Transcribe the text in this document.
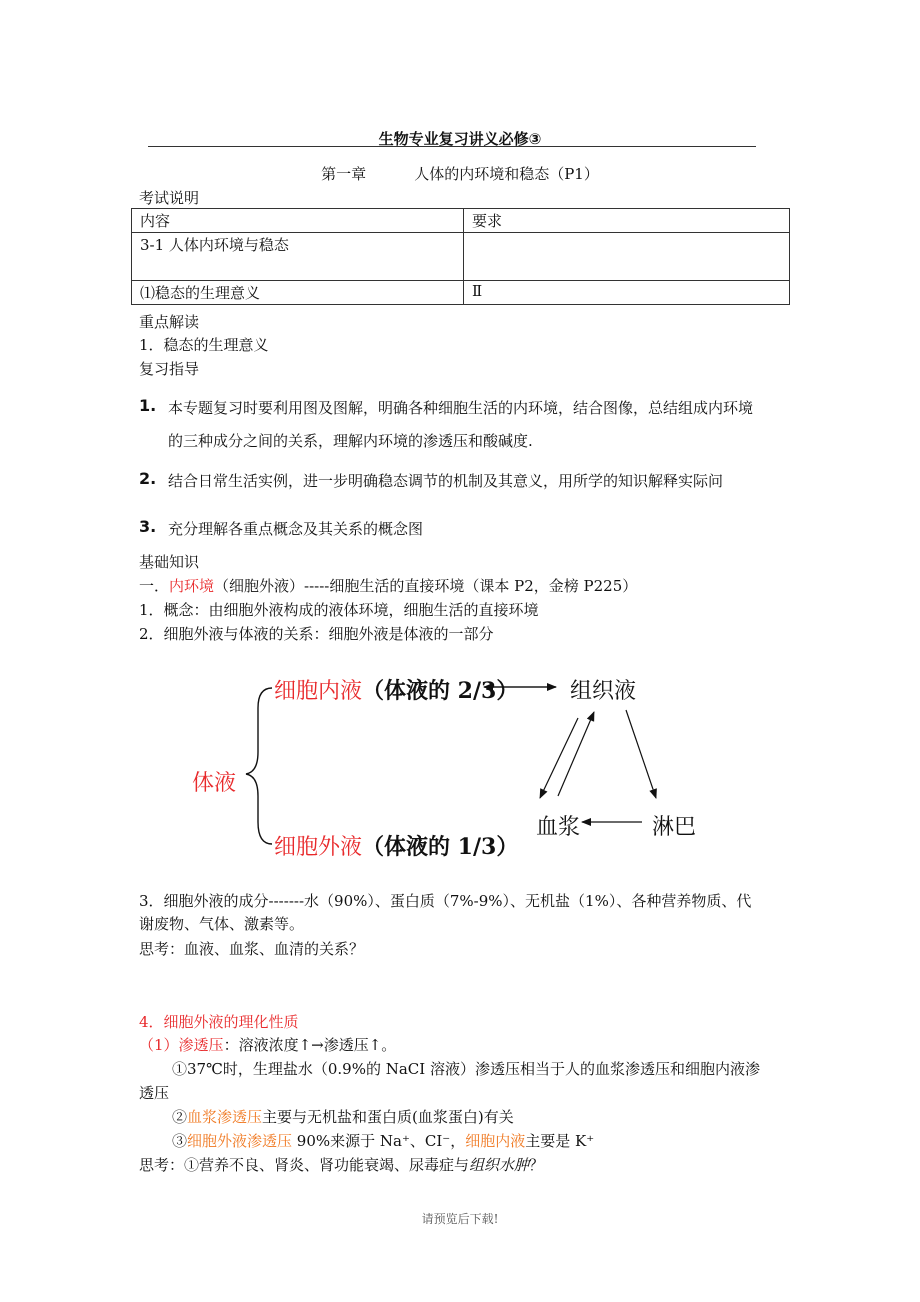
生物专业复习讲义必修③
第一章	人体的内环境和稳态（P1）
考试说明
内容	要求
3-1 人体内环境与稳态	
⑴稳态的生理意义	Ⅱ
重点解读
1．稳态的生理意义
复习指导
1. 本专题复习时要利用图及图解，明确各种细胞生活的内环境，结合图像，总结组成内环境
的三种成分之间的关系，理解内环境的渗透压和酸碱度.
2. 结合日常生活实例，进一步明确稳态调节的机制及其意义，用所学的知识解释实际问
3. 充分理解各重点概念及其关系的概念图
基础知识
一．内环境（细胞外液）-----细胞生活的直接环境（课本 P2，金榜 P225）
1．概念：由细胞外液构成的液体环境，细胞生活的直接环境
2．细胞外液与体液的关系：细胞外液是体液的一部分
体液
细胞内液（体液的 2/3）
细胞外液（体液的 1/3）
组织液
血浆	淋巴
3．细胞外液的成分-------水（90%）、蛋白质（7%-9%）、无机盐（1%）、各种营养物质、代
谢废物、气体、激素等。
思考：血液、血浆、血清的关系？
4．细胞外液的理化性质
（1）渗透压：溶液浓度↑→渗透压↑。
①37℃时，生理盐水（0.9%的 NaCI 溶液）渗透压相当于人的血浆渗透压和细胞内液渗
透压
②血浆渗透压主要与无机盐和蛋白质(血浆蛋白)有关
③细胞外液渗透压 90%来源于 Na⁺、CI⁻，细胞内液主要是 K⁺
思考：①营养不良、肾炎、肾功能衰竭、尿毒症与组织水肿？
请预览后下载!
